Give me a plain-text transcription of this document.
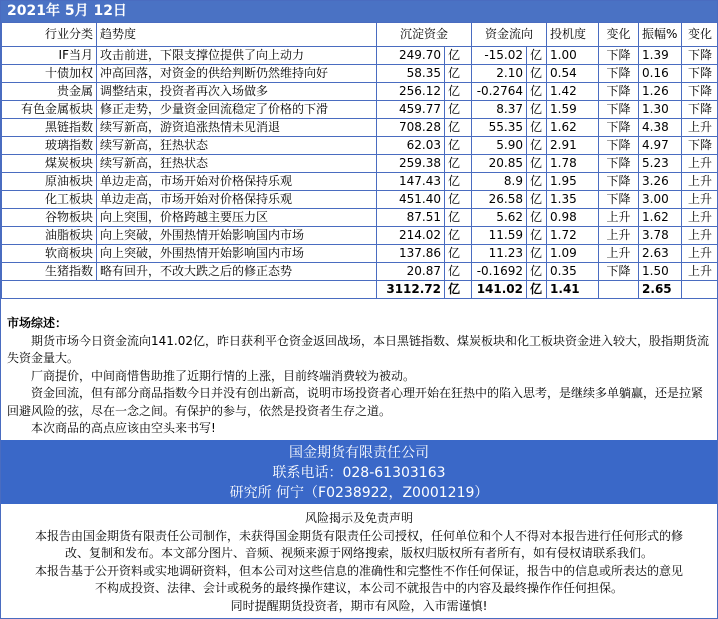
2021年 5月 12日
行业分类	趋势度	沉淀资金		资金流向		投机度	变化	振幅%	变化
IF当月	攻击前进，下限支撑位提供了向上动力	249.70	亿	-15.02	亿	1.00	下降	1.39	下降
十债加权	冲高回落，对资金的供给判断仍然维持向好	58.35	亿	2.10	亿	0.54	下降	0.16	下降
贵金属	调整结束，投资者再次入场做多	256.12	亿	-0.2764	亿	1.42	下降	1.26	下降
有色金属板块	修正走势，少量资金回流稳定了价格的下滑	459.77	亿	8.37	亿	1.59	下降	1.30	下降
黑链指数	续写新高，游资追涨热情未见消退	708.28	亿	55.35	亿	1.62	下降	4.38	上升
玻璃指数	续写新高，狂热状态	62.03	亿	5.90	亿	2.91	下降	4.97	下降
煤炭板块	续写新高，狂热状态	259.38	亿	20.85	亿	1.78	下降	5.23	上升
原油板块	单边走高，市场开始对价格保持乐观	147.43	亿	8.9	亿	1.95	下降	3.26	上升
化工板块	单边走高，市场开始对价格保持乐观	451.40	亿	26.58	亿	1.35	下降	3.00	上升
谷物板块	向上突围，价格跨越主要压力区	87.51	亿	5.62	亿	0.98	上升	1.62	上升
油脂板块	向上突破，外围热情开始影响国内市场	214.02	亿	11.59	亿	1.72	上升	3.78	上升
软商板块	向上突破，外围热情开始影响国内市场	137.86	亿	11.23	亿	1.09	上升	2.63	上升
生猪指数	略有回升，不改大跌之后的修正态势	20.87	亿	-0.1692	亿	0.35	下降	1.50	上升
		3112.72	亿	141.02	亿	1.41		2.65	
市场综述：

期货市场今日资金流向141.02亿，昨日获利平仓资金返回战场，本日黑链指数、煤炭板块和化工板块资金进入较大，股指期货流失资金量大。

厂商提价，中间商惜售助推了近期行情的上涨，目前终端消费较为被动。

资金回流，但有部分商品指数今日并没有创出新高，说明市场投资者心理开始在狂热中的陷入思考，是继续多单躺赢，还是拉紧回避风险的弦，尽在一念之间。有保护的参与，依然是投资者生存之道。

本次商品的高点应该由空头来书写!

国金期货有限责任公司
联系电话：028-61303163
研究所 何宁（F0238922，Z0001219）
风险揭示及免责声明
本报告由国金期货有限责任公司制作，未获得国金期货有限责任公司授权，任何单位和个人不得对本报告进行任何形式的修
改、复制和发布。本文部分图片、音频、视频来源于网络搜索，版权归版权所有者所有，如有侵权请联系我们。
本报告基于公开资料或实地调研资料，但本公司对这些信息的准确性和完整性不作任何保证，报告中的信息或所表达的意见
不构成投资、法律、会计或税务的最终操作建议，本公司不就报告中的内容及最终操作作任何担保。
同时提醒期货投资者，期市有风险，入市需谨慎!
